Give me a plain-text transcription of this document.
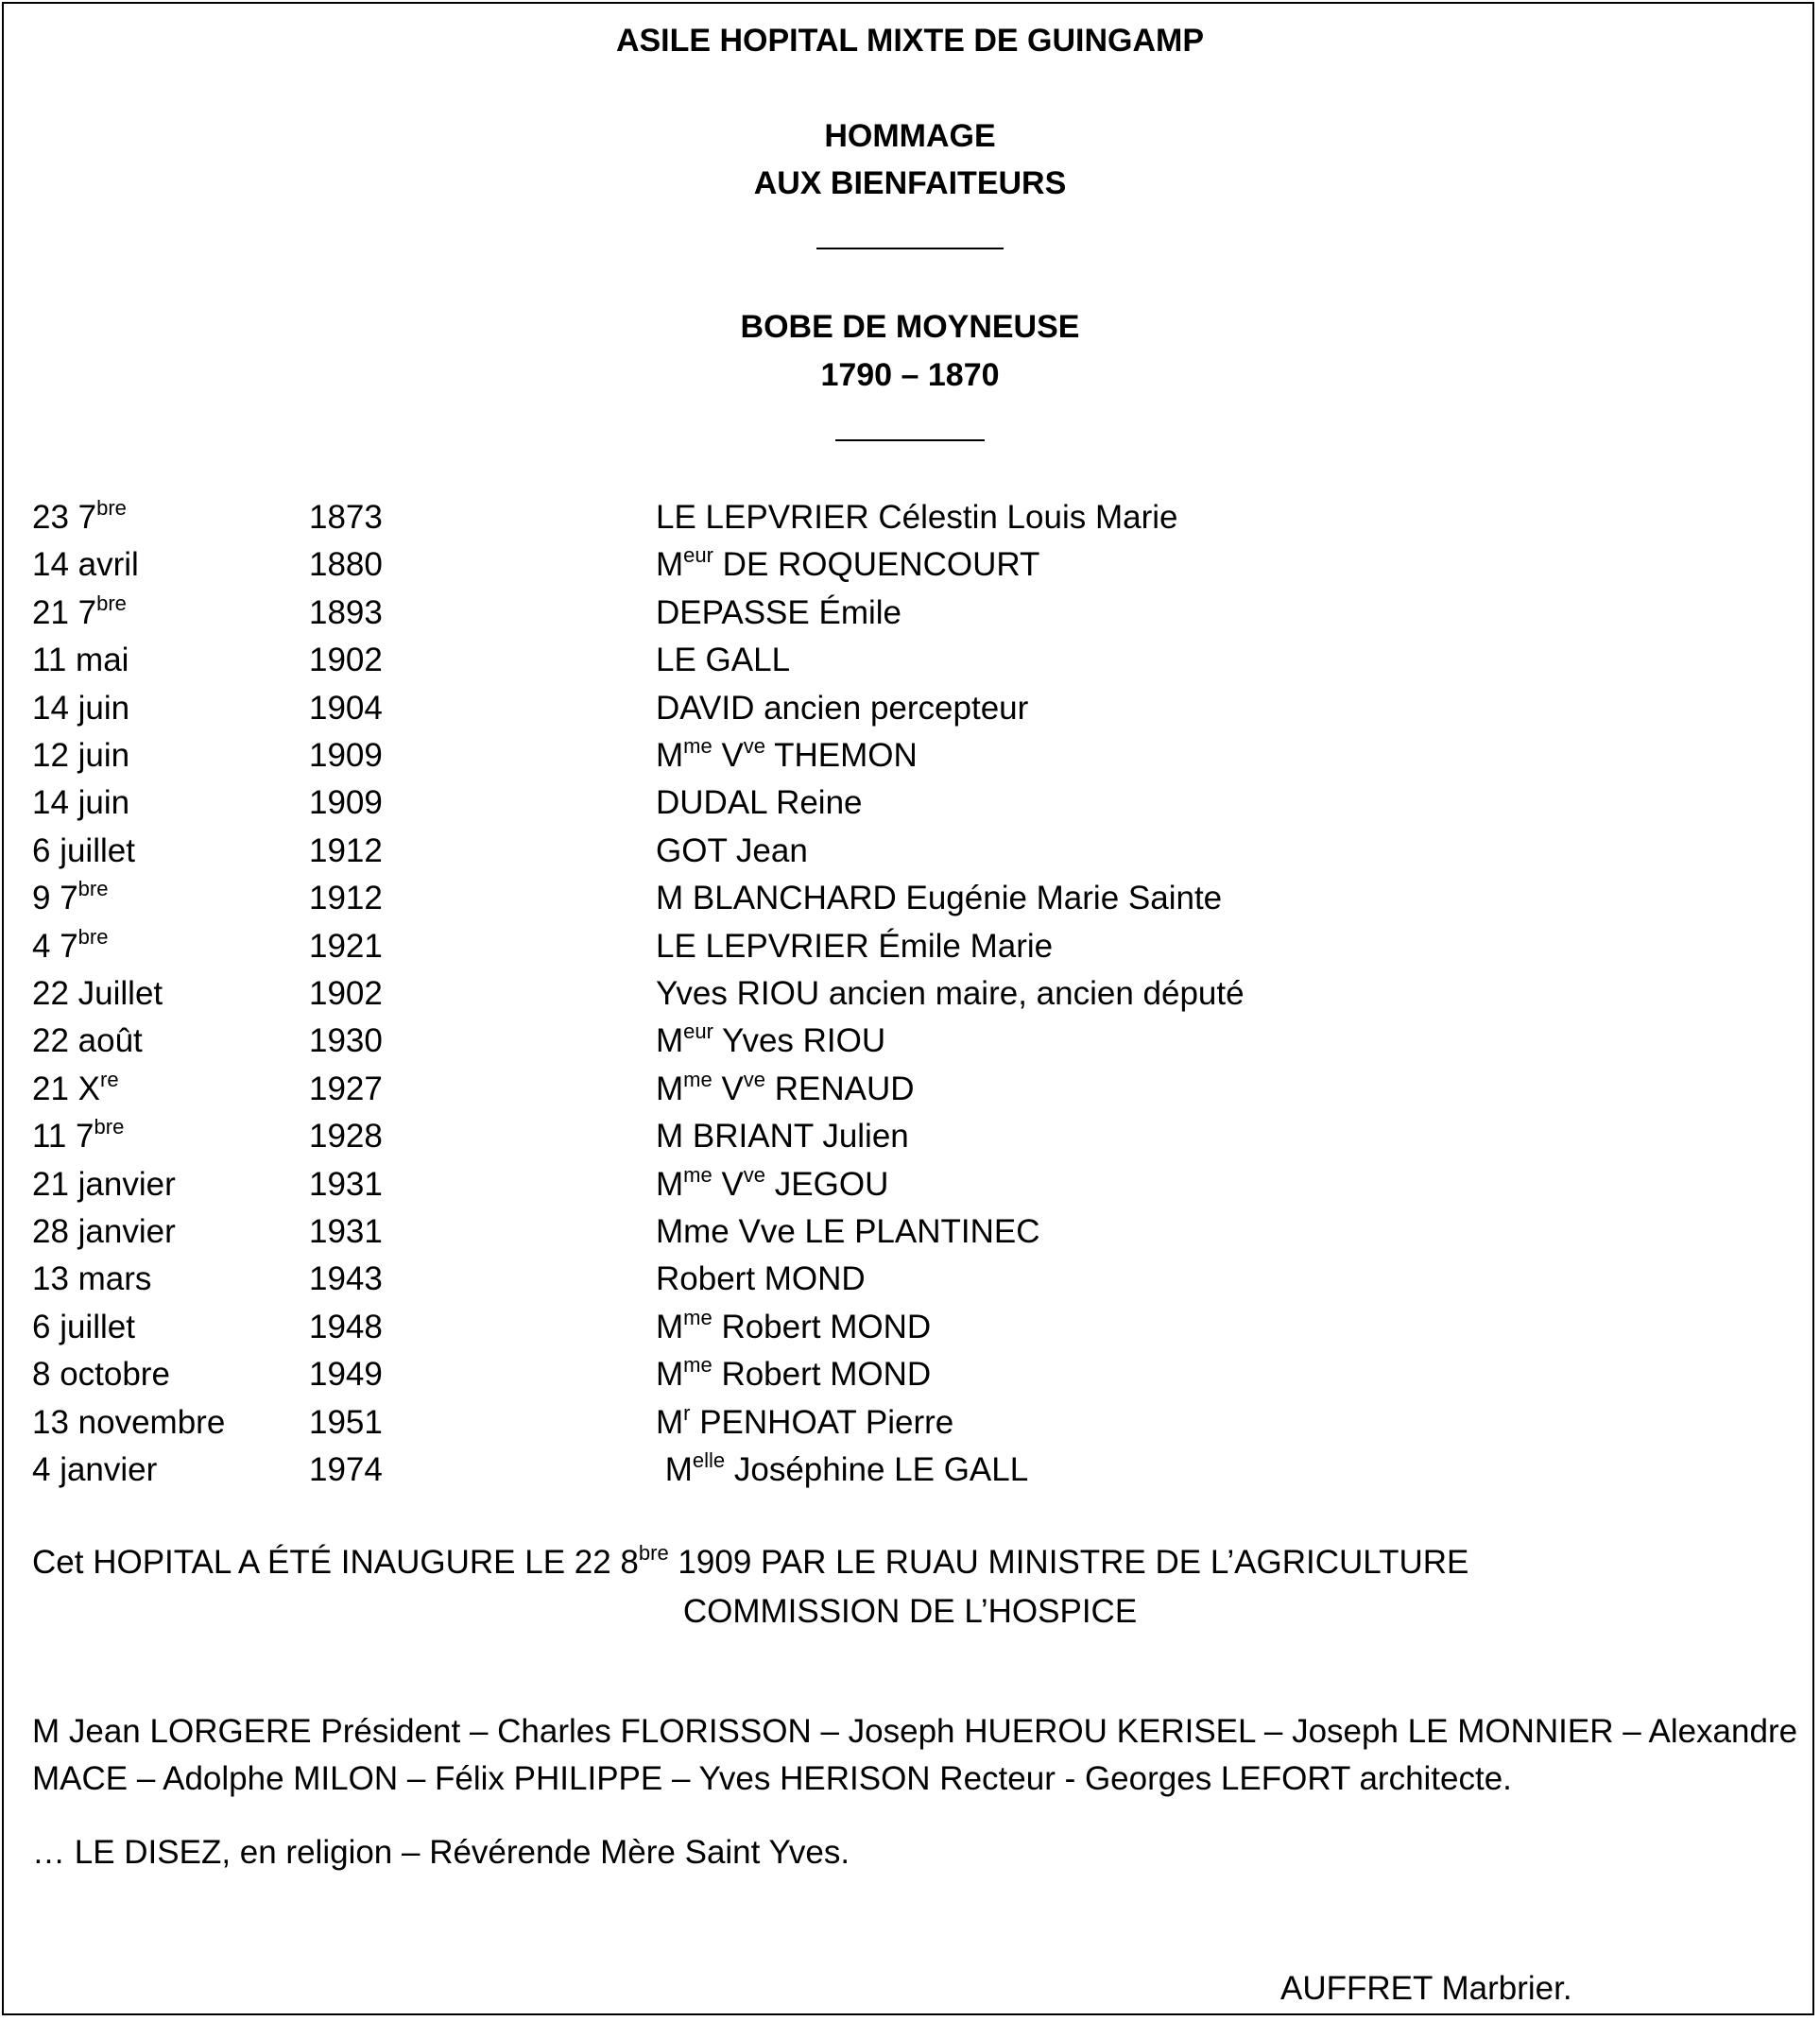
ASILE HOPITAL MIXTE DE GUINGAMP
HOMMAGE
AUX BIENFAITEURS
BOBE DE MOYNEUSE
1790 – 1870
23 $7^{bre}$	1873	LE LEPVRIER Célestin Louis Marie
14 avril	1880	$M^{eur}$ DE ROQUENCOURT
21 $7^{bre}$	1893	DEPASSE Émile
11 mai	1902	LE GALL
14 juin	1904	DAVID ancien percepteur
12 juin	1909	$M^{me}$ $V^{ve}$ THEMON
14 juin	1909	DUDAL Reine
6 juillet	1912	GOT Jean
9 $7^{bre}$	1912	M BLANCHARD Eugénie Marie Sainte
4 $7^{bre}$	1921	LE LEPVRIER Émile Marie
22 Juillet	1902	Yves RIOU ancien maire, ancien député
22 août	1930	$M^{eur}$ Yves RIOU
21 Xre	1927	$M^{me}$ $V^{ve}$ RENAUD
11 $7^{bre}$	1928	M BRIANT Julien
21 janvier	1931	$M^{me}$ $V^{ve}$ JEGOU
28 janvier	1931	Mme Vve LE PLANTINEC
13 mars	1943	Robert MOND
6 juillet	1948	$M^{me}$ Robert MOND
8 octobre	1949	$M^{me}$ Robert MOND
13 novembre	1951	$M^r$ PENHOAT Pierre
4 janvier	1974	$M^{elle}$ Joséphine LE GALL
Cet HOPITAL A ÉTÉ INAUGURE LE 22 $8^{bre}$ 1909 PAR LE RUAU MINISTRE DE L’AGRICULTURE
COMMISSION DE L’HOSPICE
M Jean LORGERE Président – Charles FLORISSON – Joseph HUEROU KERISEL – Joseph LE MONNIER – Alexandre
MACE – Adolphe MILON – Félix PHILIPPE – Yves HERISON Recteur - Georges LEFORT architecte.
… LE DISEZ, en religion – Révérende Mère Saint Yves.
AUFFRET Marbrier.
